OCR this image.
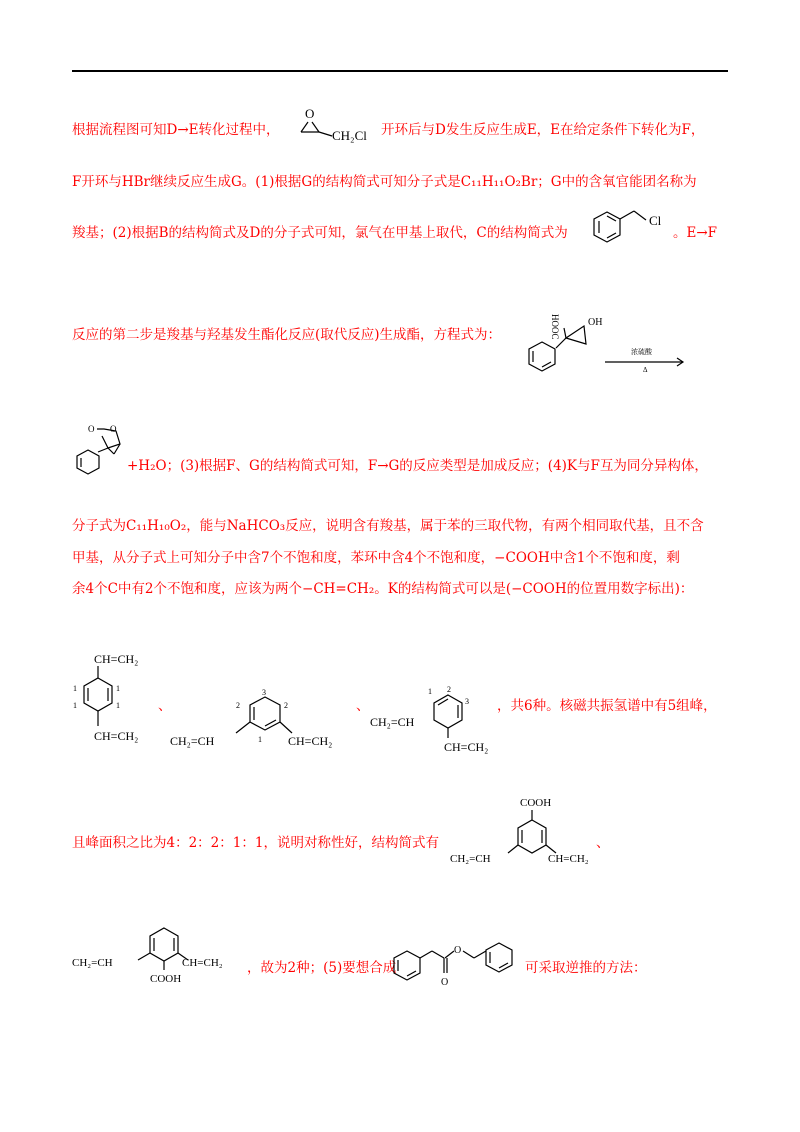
根据流程图可知D→E转化过程中，
O
CH₂Cl 开环后与D发生反应生成E，E在给定条件下转化为F，
F开环与HBr继续反应生成G。(1)根据G的结构简式可知分子式是C₁₁H₁₁O₂Br；G中的含氧官能团名称为
羧基；(2)根据B的结构简式及D的分子式可知，氯气在甲基上取代，C的结构简式为
Cl
。E→F
反应的第二步是羧基与羟基发生酯化反应(取代反应)生成酯，方程式为：	HOOC	OH
浓硫酸
Δ
O O
+H₂O；(3)根据F、G的结构简式可知，F→G的反应类型是加成反应；(4)K与F互为同分异构体，
分子式为C₁₁H₁₀O₂，能与NaHCO₃反应，说明含有羧基，属于苯的三取代物，有两个相同取代基，且不含
甲基，从分子式上可知分子中含7个不饱和度，苯环中含4个不饱和度，−COOH中含1个不饱和度，剩
余4个C中有2个不饱和度，应该为两个−CH=CH₂。K的结构简式可以是(−COOH的位置用数字标出)：
CH=CH₂
CH=CH₂
1	1
1	1	、
3
2	2
1
CH₂=CH	CH=CH₂
、
1 2
3
CH₂=CH
CH=CH₂
，共6种。核磁共振氢谱中有5组峰，
且峰面积之比为4：2：2：1：1，说明对称性好，结构简式有
COOH
CH₂=CH	CH=CH₂
、
CH₂=CH	CH=CH₂
COOH
，故为2种；(5)要想合成
O
O
可采取逆推的方法：
